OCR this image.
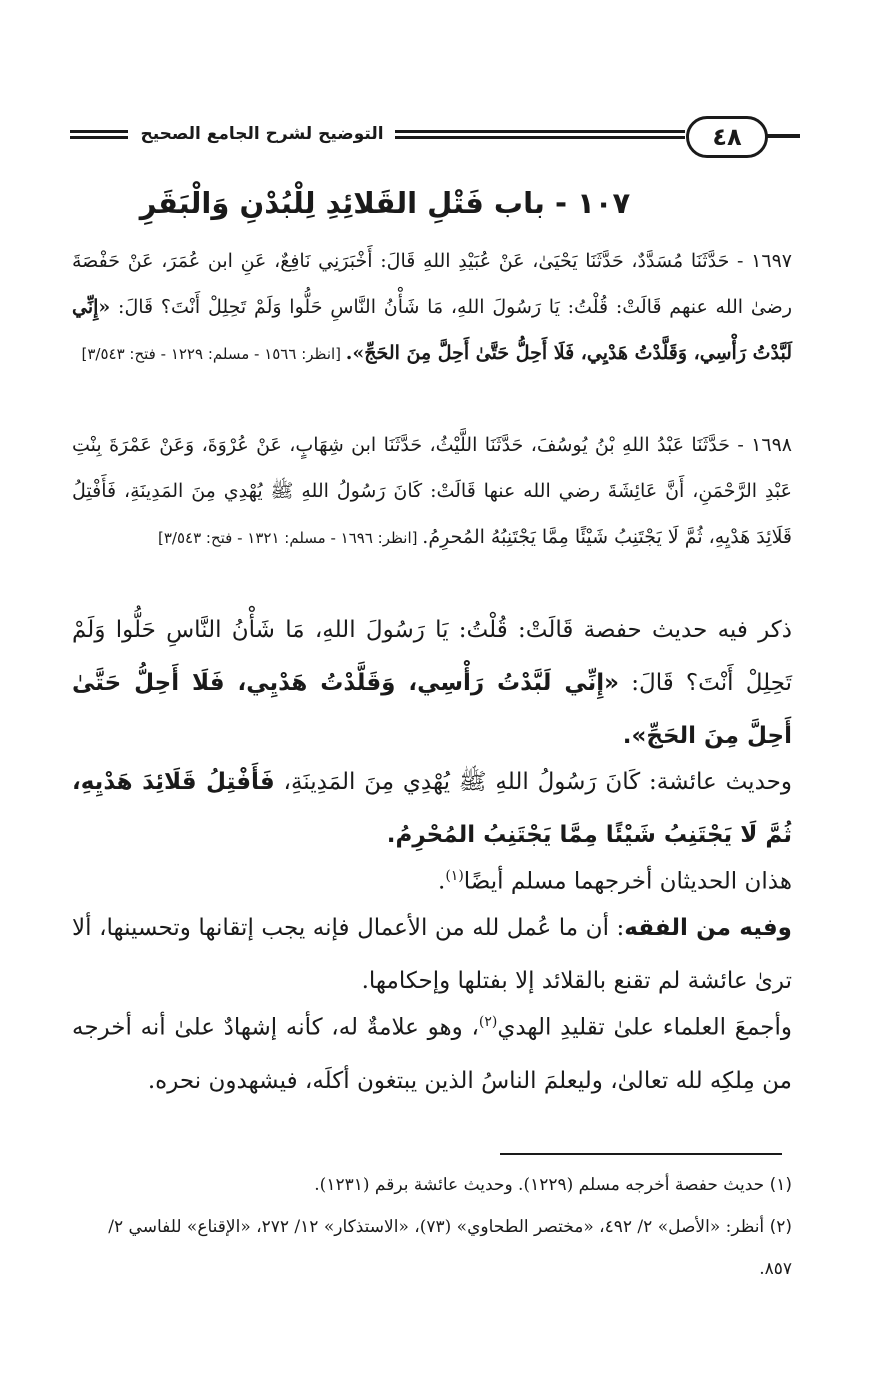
التوضيح لشرح الجامع الصحيح	٤٨
١٠٧ - باب فَتْلِ القَلائِدِ لِلْبُدْنِ وَالْبَقَرِ
١٦٩٧ - حَدَّثَنَا مُسَدَّدٌ، حَدَّثَنَا يَحْيَىٰ، عَنْ عُبَيْدِ اللهِ قَالَ: أَخْبَرَنِي نَافِعٌ، عَنِ ابن عُمَرَ، عَنْ حَفْصَةَ رضىٰ الله عنهم قَالَتْ: قُلْتُ: يَا رَسُولَ اللهِ، مَا شَأْنُ النَّاسِ حَلُّوا وَلَمْ تَحِلِلْ أَنْتَ؟ قَالَ: «إِنِّي لَبَّدْتُ رَأْسِي، وَقَلَّدْتُ هَدْيِي، فَلَا أَحِلُّ حَتَّىٰ أَحِلَّ مِنَ الحَجِّ». [انظر: ١٥٦٦ - مسلم: ١٢٢٩ - فتح: ٣/٥٤٣]
١٦٩٨ - حَدَّثَنَا عَبْدُ اللهِ بْنُ يُوسُفَ، حَدَّثَنَا اللَّيْثُ، حَدَّثَنَا ابن شِهَابٍ، عَنْ عُرْوَةَ، وَعَنْ عَمْرَةَ بِنْتِ عَبْدِ الرَّحْمَنِ، أَنَّ عَائِشَةَ رضي الله عنها قَالَتْ: كَانَ رَسُولُ اللهِ ﷺ يُهْدِي مِنَ المَدِينَةِ، فَأَفْتِلُ قَلَائِدَ هَدْيِهِ، ثُمَّ لَا يَجْتَنِبُ شَيْئًا مِمَّا يَجْتَنِبُهُ المُحرِمُ. [انظر: ١٦٩٦ - مسلم: ١٣٢١ - فتح: ٣/٥٤٣]
ذكر فيه حديث حفصة قَالَتْ: قُلْتُ: يَا رَسُولَ اللهِ، مَا شَأْنُ النَّاسِ حَلُّوا وَلَمْ تَحِلِلْ أَنْتَ؟ قَالَ: «إِنِّي لَبَّدْتُ رَأْسِي، وَقَلَّدْتُ هَدْيِي، فَلَا أَحِلُّ حَتَّىٰ أَحِلَّ مِنَ الحَجِّ».
وحديث عائشة: كَانَ رَسُولُ اللهِ ﷺ يُهْدِي مِنَ المَدِينَةِ، فَأَفْتِلُ قَلَائِدَ هَدْيِهِ، ثُمَّ لَا يَجْتَنِبُ شَيْئًا مِمَّا يَجْتَنِبُ المُحْرِمُ.
هذان الحديثان أخرجهما مسلم أيضًا$^{(١)}$.
وفيه من الفقه: أن ما عُمل لله من الأعمال فإنه يجب إتقانها وتحسينها، ألا ترىٰ عائشة لم تقنع بالقلائد إلا بفتلها وإحكامها.
وأجمعَ العلماء علىٰ تقليدِ الهدي$^{(٢)}$، وهو علامةٌ له، كأنه إشهادٌ علىٰ أنه أخرجه من مِلكِه لله تعالىٰ، وليعلمَ الناسُ الذين يبتغون أكلَه، فيشهدون نحره.
(١) حديث حفصة أخرجه مسلم (١٢٢٩). وحديث عائشة برقم (١٢٣١).
(٢) أنظر: «الأصل» ٢/ ٤٩٢، «مختصر الطحاوي» (٧٣)، «الاستذكار» ١٢/ ٢٧٢، «الإقناع» للفاسي ٢/ ٨٥٧.
